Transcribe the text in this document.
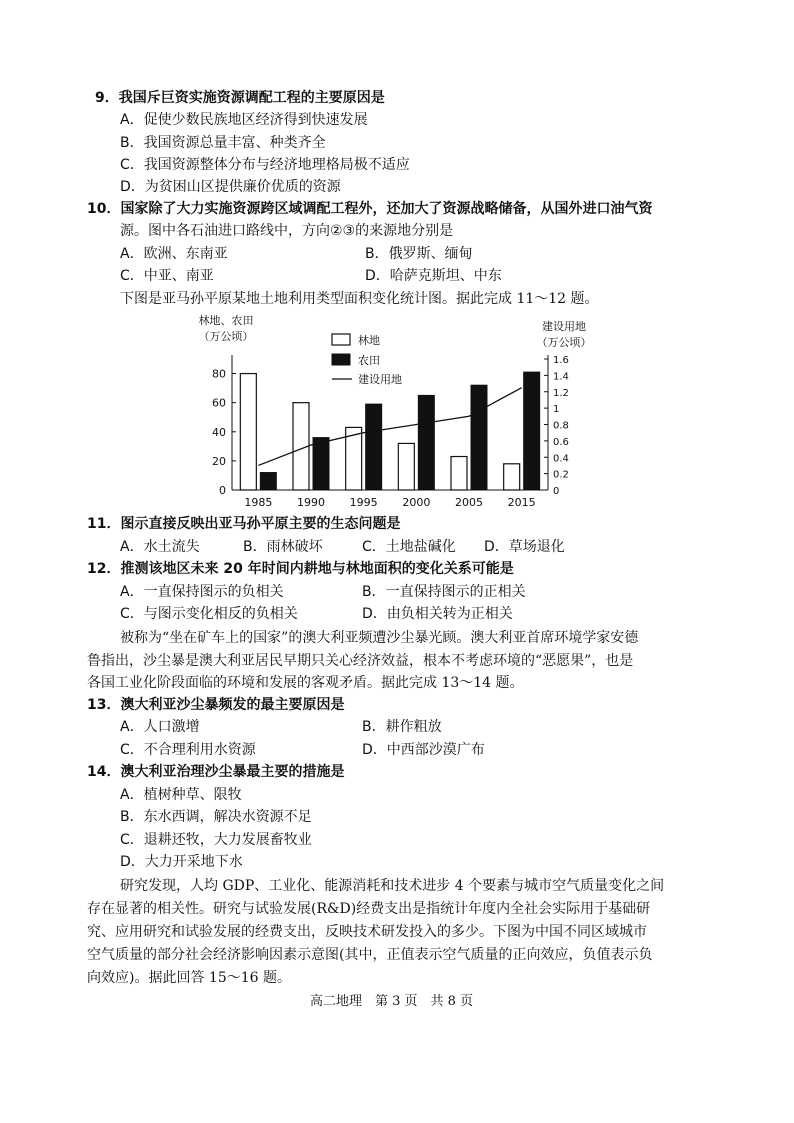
9．我国斥巨资实施资源调配工程的主要原因是
A．促使少数民族地区经济得到快速发展
B．我国资源总量丰富、种类齐全
C．我国资源整体分布与经济地理格局极不适应
D．为贫困山区提供廉价优质的资源
10．国家除了大力实施资源跨区域调配工程外，还加大了资源战略储备，从国外进口油气资
源。图中各石油进口路线中，方向②③的来源地分别是
A．欧洲、东南亚	B．俄罗斯、缅甸
C．中亚、南亚	D．哈萨克斯坦、中东
下图是亚马孙平原某地土地利用类型面积变化统计图。据此完成 11～12 题。
0
20
40
60
80
0
0.2
0.4
0.6
0.8
1
1.2
1.4
1.6
林地、农田
（万公顷）
建设用地
（万公顷）
1985 1990 1995 2000 2005 2015
林地
农田
建设用地
11．图示直接反映出亚马孙平原主要的生态问题是
A．水土流失	B．雨林破坏	C．土地盐碱化 D．草场退化
12．推测该地区未来 20 年时间内耕地与林地面积的变化关系可能是
A．一直保持图示的负相关	B．一直保持图示的正相关
C．与图示变化相反的负相关	D．由负相关转为正相关
被称为“坐在矿车上的国家”的澳大利亚频遭沙尘暴光顾。澳大利亚首席环境学家安德
鲁指出，沙尘暴是澳大利亚居民早期只关心经济效益，根本不考虑环境的“恶愿果”，也是
各国工业化阶段面临的环境和发展的客观矛盾。据此完成 13～14 题。
13．澳大利亚沙尘暴频发的最主要原因是
A．人口激增	B．耕作粗放
C．不合理利用水资源	D．中西部沙漠广布
14．澳大利亚治理沙尘暴最主要的措施是
A．植树种草、限牧
B．东水西调，解决水资源不足
C．退耕还牧，大力发展畜牧业
D．大力开采地下水
研究发现，人均 GDP、工业化、能源消耗和技术进步 4 个要素与城市空气质量变化之间
存在显著的相关性。研究与试验发展(R&D)经费支出是指统计年度内全社会实际用于基础研
究、应用研究和试验发展的经费支出，反映技术研发投入的多少。下图为中国不同区域城市
空气质量的部分社会经济影响因素示意图(其中，正值表示空气质量的正向效应，负值表示负
向效应)。据此回答 15～16 题。
高二地理　第 3 页　共 8 页
